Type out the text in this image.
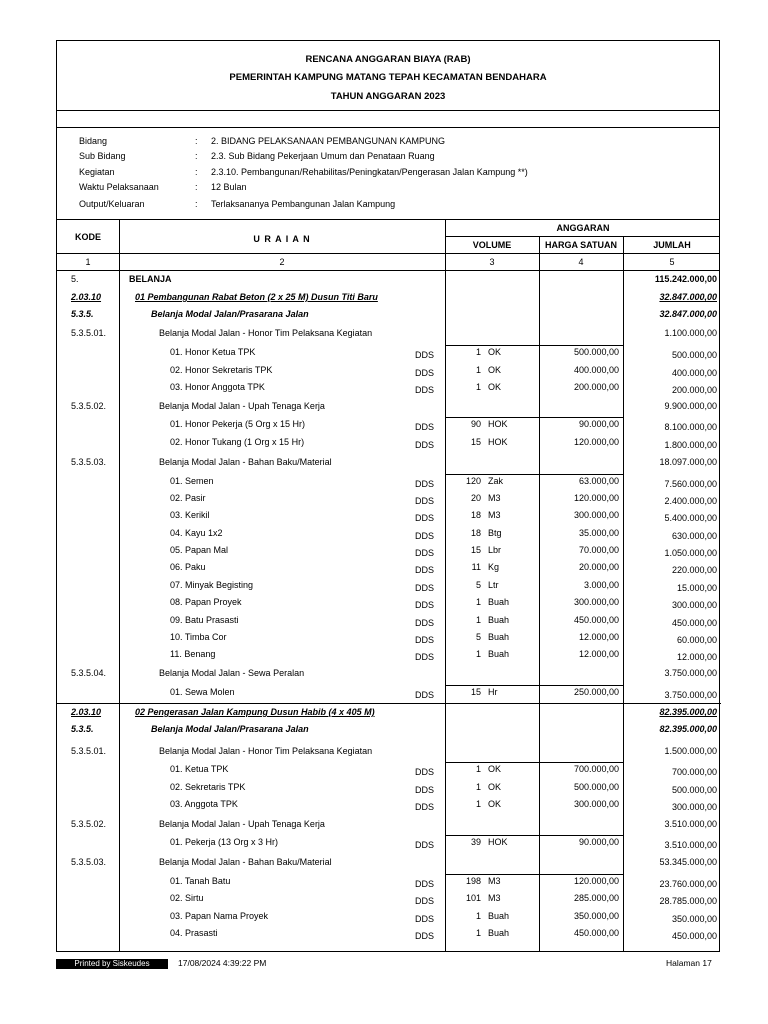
RENCANA ANGGARAN BIAYA (RAB)
PEMERINTAH KAMPUNG MATANG TEPAH KECAMATAN BENDAHARA
TAHUN ANGGARAN 2023
Bidang	: 2. BIDANG PELAKSANAAN PEMBANGUNAN KAMPUNG
Sub Bidang	: 2.3. Sub Bidang Pekerjaan Umum dan Penataan Ruang
Kegiatan	: 2.3.10. Pembangunan/Rehabilitas/Peningkatan/Pengerasan Jalan Kampung **)
Waktu Pelaksanaan	: 12 Bulan
Output/Keluaran	: Terlaksananya Pembangunan Jalan Kampung
KODE	U R A I A N
ANGGARAN
VOLUME	HARGA SATUAN	JUMLAH
1	2	3	4	5
5.	BELANJA	115.242.000,00
2.03.10	01 Pembangunan Rabat Beton (2 x 25 M) Dusun Titi Baru	32.847.000,00
5.3.5.	Belanja Modal Jalan/Prasarana Jalan	32.847.000,00
5.3.5.01.	Belanja Modal Jalan - Honor Tim Pelaksana Kegiatan	1.100.000,00
01. Honor Ketua TPK	DDS	1 OK	500.000,00	500.000,00
02. Honor Sekretaris TPK	DDS	1 OK	400.000,00	400.000,00
03. Honor Anggota TPK	DDS	1 OK	200.000,00	200.000,00
5.3.5.02.	Belanja Modal Jalan - Upah Tenaga Kerja	9.900.000,00
01. Honor Pekerja (5 Org x 15 Hr)	DDS	90 HOK	90.000,00	8.100.000,00
02. Honor Tukang (1 Org x 15 Hr)	DDS	15 HOK	120.000,00	1.800.000,00
5.3.5.03.	Belanja Modal Jalan - Bahan Baku/Material	18.097.000,00
01. Semen	DDS	120 Zak	63.000,00	7.560.000,00
02. Pasir	DDS	20 M3	120.000,00	2.400.000,00
03. Kerikil	DDS	18 M3	300.000,00	5.400.000,00
04. Kayu 1x2	DDS	18 Btg	35.000,00	630.000,00
05. Papan Mal	DDS	15 Lbr	70.000,00	1.050.000,00
06. Paku	DDS	11 Kg	20.000,00	220.000,00
07. Minyak Begisting	DDS	5 Ltr	3.000,00	15.000,00
08. Papan Proyek	DDS	1 Buah	300.000,00	300.000,00
09. Batu Prasasti	DDS	1 Buah	450.000,00	450.000,00
10. Timba Cor	DDS	5 Buah	12.000,00	60.000,00
11. Benang	DDS	1 Buah	12.000,00	12.000,00
5.3.5.04.	Belanja Modal Jalan - Sewa Peralan	3.750.000,00
01. Sewa Molen	DDS	15 Hr	250.000,00	3.750.000,00
2.03.10	02 Pengerasan Jalan Kampung Dusun Habib (4 x 405 M)	82.395.000,00
5.3.5.	Belanja Modal Jalan/Prasarana Jalan	82.395.000,00
5.3.5.01.	Belanja Modal Jalan - Honor Tim Pelaksana Kegiatan	1.500.000,00
01. Ketua TPK	DDS	1 OK	700.000,00	700.000,00
02. Sekretaris TPK	DDS	1 OK	500.000,00	500.000,00
03. Anggota TPK	DDS	1 OK	300.000,00	300.000,00
5.3.5.02.	Belanja Modal Jalan - Upah Tenaga Kerja	3.510.000,00
01. Pekerja (13 Org x 3 Hr)	DDS	39 HOK	90.000,00	3.510.000,00
5.3.5.03.	Belanja Modal Jalan - Bahan Baku/Material	53.345.000,00
01. Tanah Batu	DDS	198 M3	120.000,00	23.760.000,00
02. Sirtu	DDS	101 M3	285.000,00	28.785.000,00
03. Papan Nama Proyek	DDS	1 Buah	350.000,00	350.000,00
04. Prasasti	DDS	1 Buah	450.000,00	450.000,00
Printed by Siskeudes	17/08/2024 4:39:22 PM	Halaman 17
